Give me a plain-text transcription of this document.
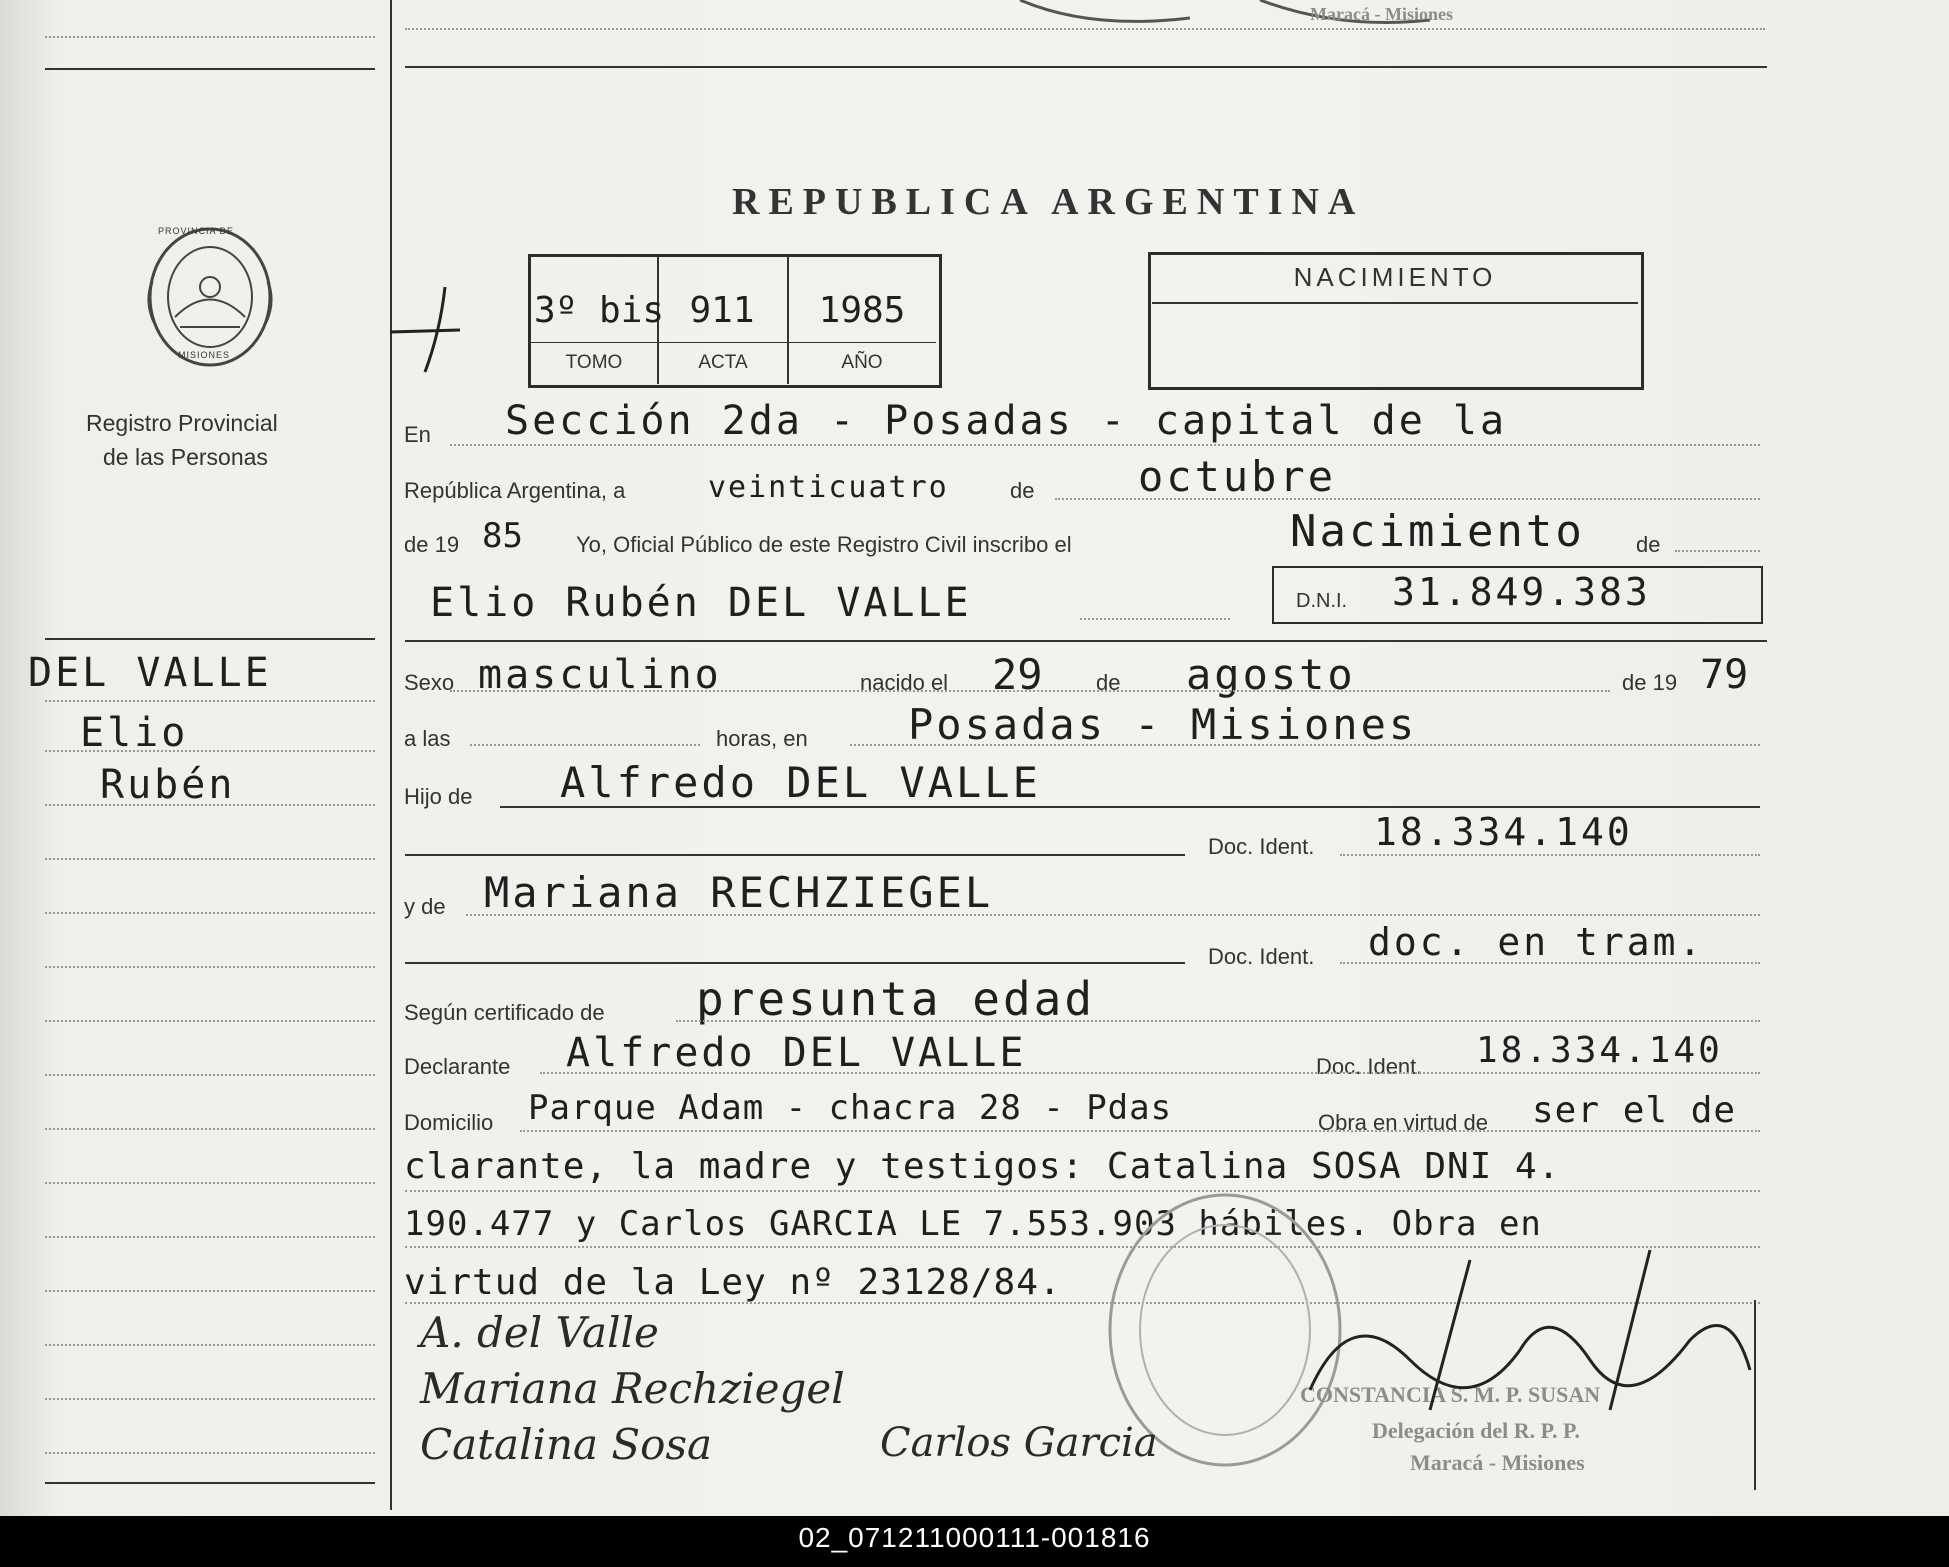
Maracá - Misiones
PROVINCIA DE
MISIONES
Registro Provincial
de las Personas
DEL VALLE
Elio
Rubén
REPUBLICA ARGENTINA
3º bis 911	1985
TOMO	ACTA	AÑO
NACIMIENTO
En Sección 2da - Posadas - capital de la
República Argentina, a	veinticuatro	de octubre
de 19 85 Yo, Oficial Público de este Registro Civil inscribo el	Nacimiento de
Elio Rubén DEL VALLE	D.N.I. 31.849.383
Sexo masculino	nacido el 29 de agosto	de 19 79
a las	horas, en Posadas - Misiones
Hijo de Alfredo DEL VALLE
Doc. Ident. 18.334.140
y de Mariana RECHZIEGEL
Doc. Ident. doc. en tram.
Según certificado de presunta edad
Declarante Alfredo DEL VALLE	Doc. Ident. 18.334.140
Domicilio Parque Adam - chacra 28 - Pdas	Obra en virtud de ser el de
clarante, la madre y testigos: Catalina SOSA DNI 4.
190.477 y Carlos GARCIA LE 7.553.903 hábiles. Obra en
virtud de la Ley nº 23128/84.
CONSTANCIA S. M. P. SUSAN
Delegación del R. P. P.
Maracá - Misiones
A. del Valle
Mariana Rechziegel
Catalina Sosa	Carlos Garcia
02_071211000111-001816
